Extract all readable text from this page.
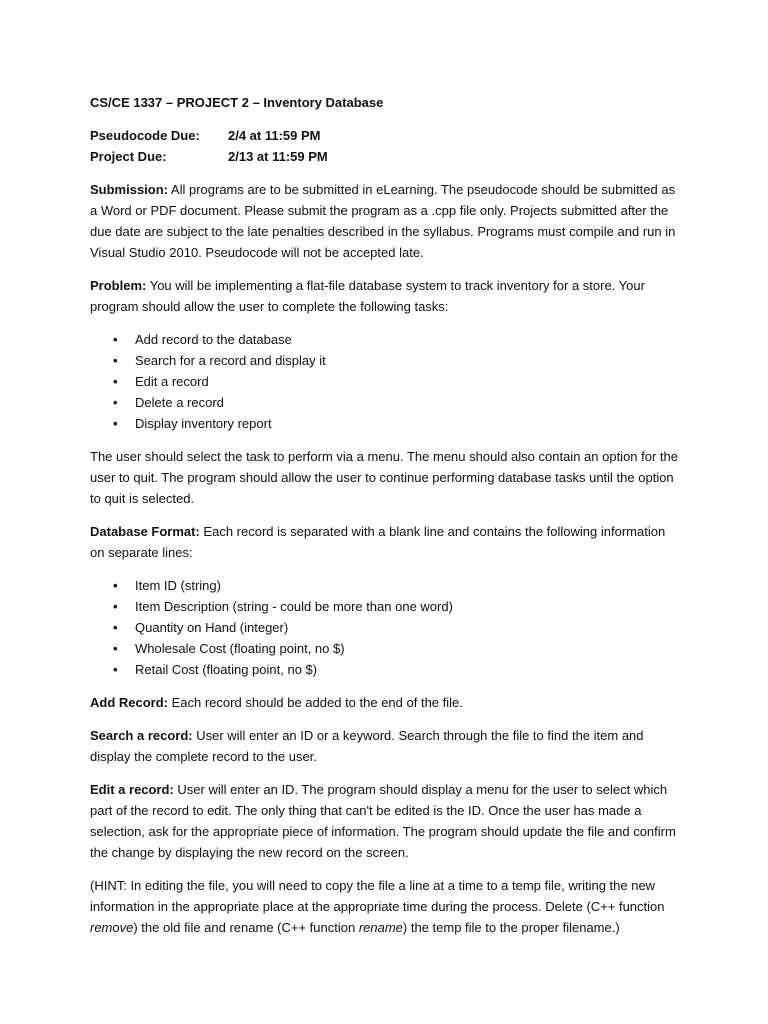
CS/CE 1337 – PROJECT 2 – Inventory Database

Pseudocode Due:	2/4 at 11:59 PM
Project Due:	2/13 at 11:59 PM

Submission: All programs are to be submitted in eLearning. The pseudocode should be submitted as a Word or PDF document. Please submit the program as a .cpp file only. Projects submitted after the due date are subject to the late penalties described in the syllabus. Programs must compile and run in Visual Studio 2010. Pseudocode will not be accepted late.

Problem: You will be implementing a flat-file database system to track inventory for a store. Your program should allow the user to complete the following tasks:

• Add record to the database
• Search for a record and display it
• Edit a record
• Delete a record
• Display inventory report

The user should select the task to perform via a menu. The menu should also contain an option for the user to quit. The program should allow the user to continue performing database tasks until the option to quit is selected.

Database Format: Each record is separated with a blank line and contains the following information on separate lines:

• Item ID (string)
• Item Description (string - could be more than one word)
• Quantity on Hand (integer)
• Wholesale Cost (floating point, no $)
• Retail Cost (floating point, no $)

Add Record: Each record should be added to the end of the file.

Search a record: User will enter an ID or a keyword. Search through the file to find the item and display the complete record to the user.

Edit a record: User will enter an ID. The program should display a menu for the user to select which part of the record to edit. The only thing that can't be edited is the ID. Once the user has made a selection, ask for the appropriate piece of information. The program should update the file and confirm the change by displaying the new record on the screen.

(HINT: In editing the file, you will need to copy the file a line at a time to a temp file, writing the new information in the appropriate place at the appropriate time during the process. Delete (C++ function remove) the old file and rename (C++ function rename) the temp file to the proper filename.)
